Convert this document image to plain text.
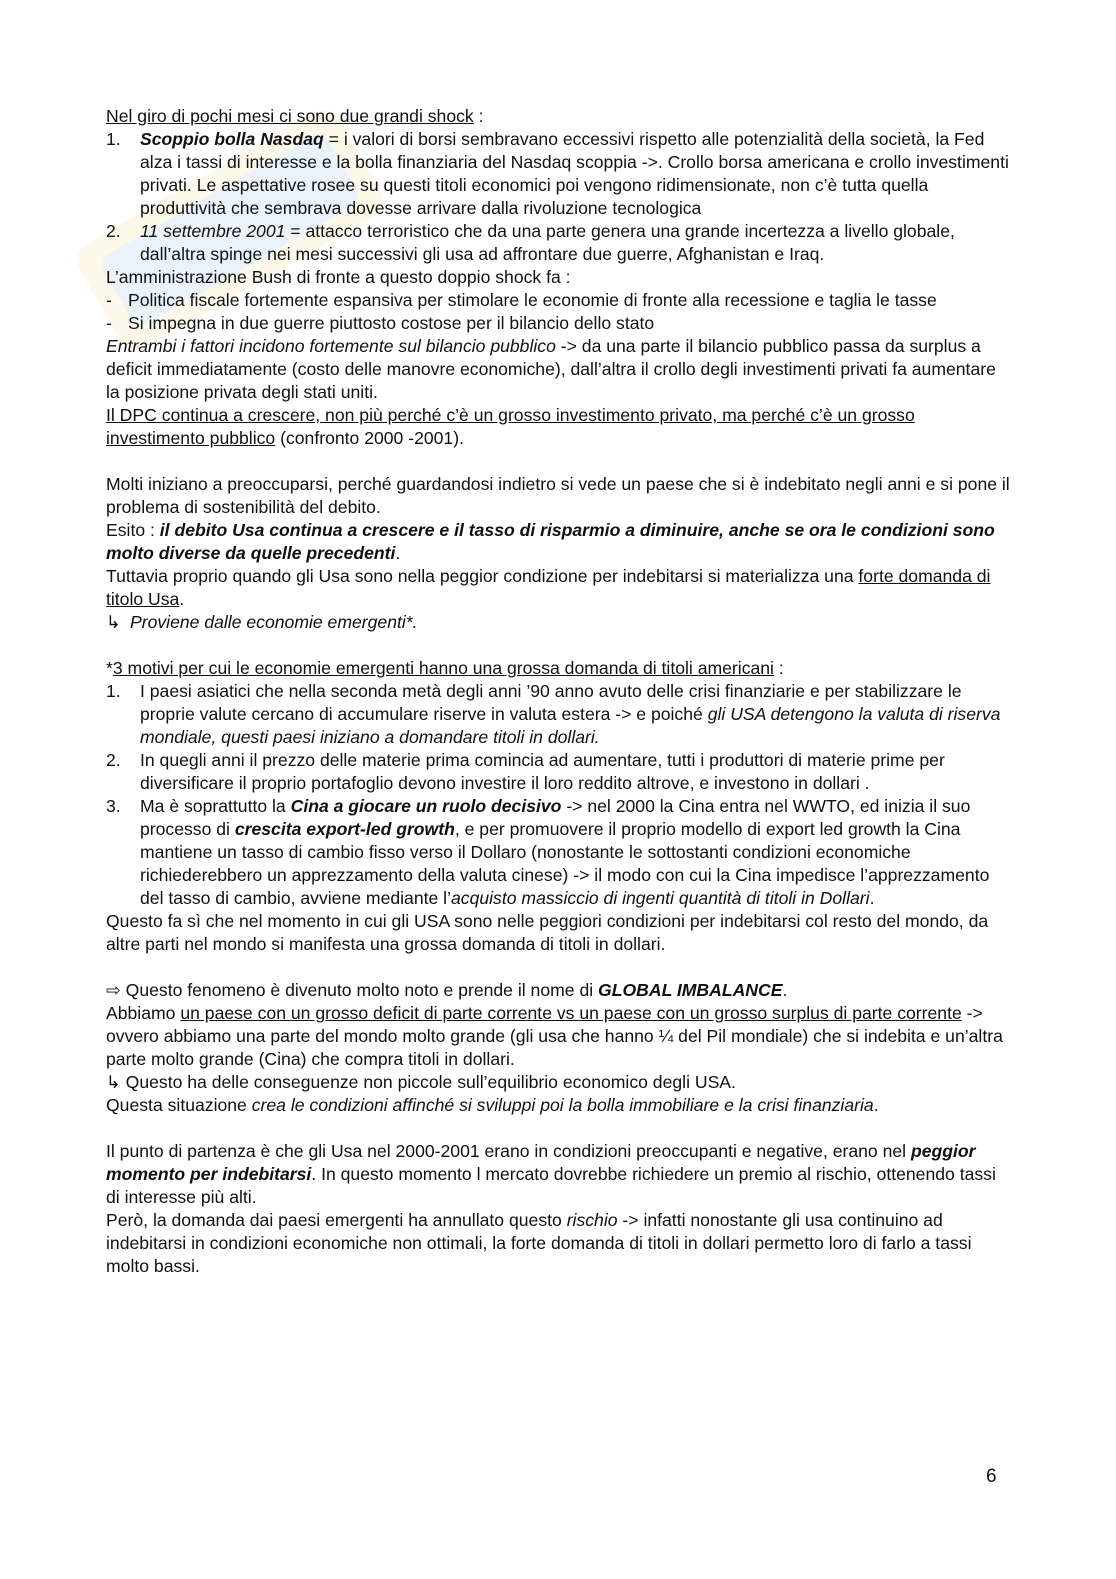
Nel giro di pochi mesi ci sono due grandi shock :

1.	Scoppio bolla Nasdaq = i valori di borsi sembravano eccessivi rispetto alle potenzialità della società, la Fed alza i tassi di interesse e la bolla finanziaria del Nasdaq scoppia ->. Crollo borsa americana e crollo investimenti privati. Le aspettative rosee su questi titoli economici poi vengono ridimensionate, non c’è tutta quella produttività che sembrava dovesse arrivare dalla rivoluzione tecnologica
2.	11 settembre 2001 = attacco terroristico che da una parte genera una grande incertezza a livello globale, dall’altra spinge nei mesi successivi gli usa ad affrontare due guerre, Afghanistan e Iraq.

L’amministrazione Bush di fronte a questo doppio shock fa :

- Politica fiscale fortemente espansiva per stimolare le economie di fronte alla recessione e taglia le tasse
- Si impegna in due guerre piuttosto costose per il bilancio dello stato

Entrambi i fattori incidono fortemente sul bilancio pubblico -> da una parte il bilancio pubblico passa da surplus a deficit immediatamente (costo delle manovre economiche), dall’altra il crollo degli investimenti privati fa aumentare la posizione privata degli stati uniti.

Il DPC continua a crescere, non più perché c’è un grosso investimento privato, ma perché c’è un grosso investimento pubblico (confronto 2000 -2001).

Molti iniziano a preoccuparsi, perché guardandosi indietro si vede un paese che si è indebitato negli anni e si pone il problema di sostenibilità del debito.

Esito : il debito Usa continua a crescere e il tasso di risparmio a diminuire, anche se ora le condizioni sono molto diverse da quelle precedenti.

Tuttavia proprio quando gli Usa sono nella peggior condizione per indebitarsi si materializza una forte domanda di titolo Usa.

↳ Proviene dalle economie emergenti*.

*3 motivi per cui le economie emergenti hanno una grossa domanda di titoli americani :

1.	I paesi asiatici che nella seconda metà degli anni ’90 anno avuto delle crisi finanziarie e per stabilizzare le proprie valute cercano di accumulare riserve in valuta estera -> e poiché gli USA detengono la valuta di riserva mondiale, questi paesi iniziano a domandare titoli in dollari.
2.	In quegli anni il prezzo delle materie prima comincia ad aumentare, tutti i produttori di materie prime per diversificare il proprio portafoglio devono investire il loro reddito altrove, e investono in dollari .
3.	Ma è soprattutto la Cina a giocare un ruolo decisivo -> nel 2000 la Cina entra nel WWTO, ed inizia il suo processo di crescita export-led growth, e per promuovere il proprio modello di export led growth la Cina mantiene un tasso di cambio fisso verso il Dollaro (nonostante le sottostanti condizioni economiche richiederebbero un apprezzamento della valuta cinese) -> il modo con cui la Cina impedisce l’apprezzamento del tasso di cambio, avviene mediante l’acquisto massiccio di ingenti quantità di titoli in Dollari.

Questo fa sì che nel momento in cui gli USA sono nelle peggiori condizioni per indebitarsi col resto del mondo, da altre parti nel mondo si manifesta una grossa domanda di titoli in dollari.

⇨ Questo fenomeno è divenuto molto noto e prende il nome di GLOBAL IMBALANCE.

Abbiamo un paese con un grosso deficit di parte corrente vs un paese con un grosso surplus di parte corrente -> ovvero abbiamo una parte del mondo molto grande (gli usa che hanno ¼ del Pil mondiale) che si indebita e un’altra parte molto grande (Cina) che compra titoli in dollari.

↳ Questo ha delle conseguenze non piccole sull’equilibrio economico degli USA.

Questa situazione crea le condizioni affinché si sviluppi poi la bolla immobiliare e la crisi finanziaria.

Il punto di partenza è che gli Usa nel 2000-2001 erano in condizioni preoccupanti e negative, erano nel peggior momento per indebitarsi. In questo momento l mercato dovrebbe richiedere un premio al rischio, ottenendo tassi di interesse più alti.

Però, la domanda dai paesi emergenti ha annullato questo rischio -> infatti nonostante gli usa continuino ad indebitarsi in condizioni economiche non ottimali, la forte domanda di titoli in dollari permetto loro di farlo a tassi molto bassi.

6
